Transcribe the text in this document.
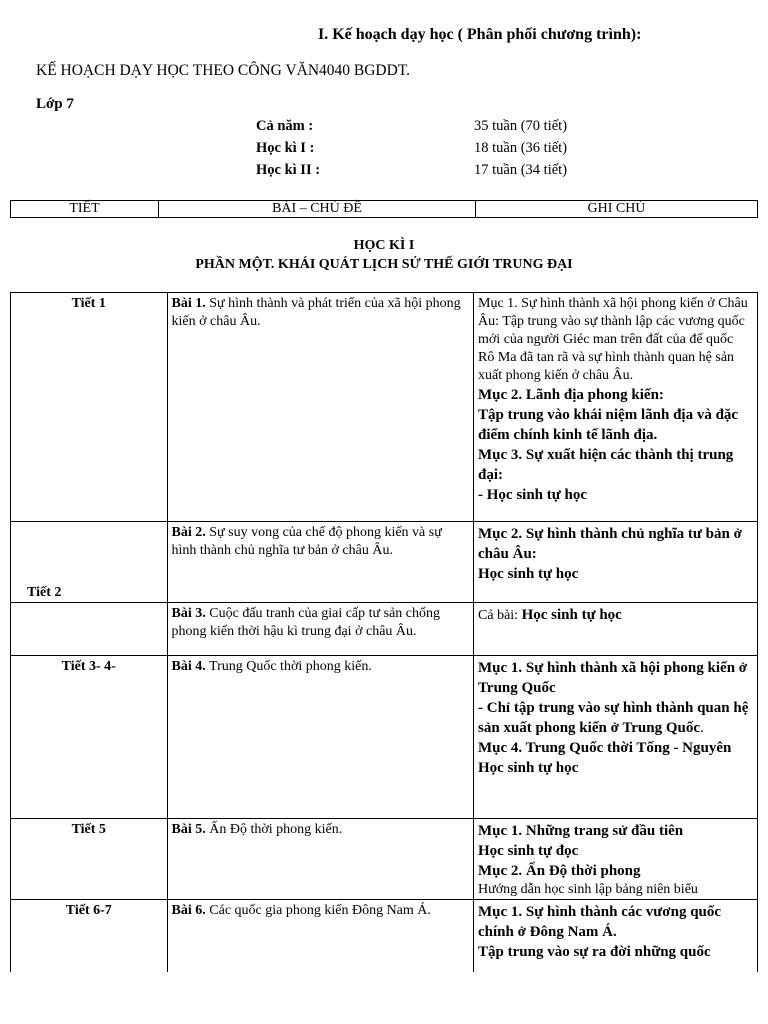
I. Kế hoạch dạy học ( Phân phối chương trình):
KẾ HOẠCH DẠY HỌC THEO CÔNG VĂN4040 BGDDT.
Lớp 7
Cả năm :	35 tuần (70 tiết)
Học kì I :	18 tuần (36 tiết)
Học kì II :	17 tuần (34 tiết)
TIẾT	BÀI – CHỦ ĐỀ	GHI CHÚ
HỌC KÌ I
PHẦN MỘT. KHÁI QUÁT LỊCH SỬ THẾ GIỚI TRUNG ĐẠI
Tiết 1	Bài 1. Sự hình thành và phát triển của xã hội phong kiến ở châu Âu.	Mục 1. Sự hình thành xã hội phong kiến ở Châu Âu: Tập trung vào sự thành lập các vương quốc mới của người Giéc man trên đất của đế quốc Rô Ma đã tan rã và sự hình thành quan hệ sản xuất phong kiến ở châu Âu.
Mục 2. Lãnh địa phong kiến:
Tập trung vào khái niệm lãnh địa và đặc điểm chính kinh tế lãnh địa.
Mục 3. Sự xuất hiện các thành thị trung đại:
- Học sinh tự học

Tiết 2	Bài 2. Sự suy vong của chế độ phong kiến và sự hình thành chủ nghĩa tư bản ở châu Âu.	Mục 2. Sự hình thành chủ nghĩa tư bản ở châu Âu:
Học sinh tự học

	Bài 3. Cuộc đấu tranh của giai cấp tư sản chống phong kiến thời hậu kì trung đại ở châu Âu.	Cả bài: Học sinh tự học

Tiết 3- 4-	Bài 4. Trung Quốc thời phong kiến.	Mục 1. Sự hình thành xã hội phong kiến ở Trung Quốc
- Chỉ tập trung vào sự hình thành quan hệ sản xuất phong kiến ở Trung Quốc.
Mục 4. Trung Quốc thời Tống - Nguyên
Học sinh tự học

Tiết 5	Bài 5. Ấn Độ thời phong kiến.	Mục 1. Những trang sử đầu tiên
Học sinh tự đọc
Mục 2. Ấn Độ thời phong
Hướng dẫn học sinh lập bảng niên biểu

Tiết 6-7	Bài 6. Các quốc gia phong kiến Đông Nam Á.	Mục 1. Sự hình thành các vương quốc chính ở Đông Nam Á.
Tập trung vào sự ra đời những quốc
